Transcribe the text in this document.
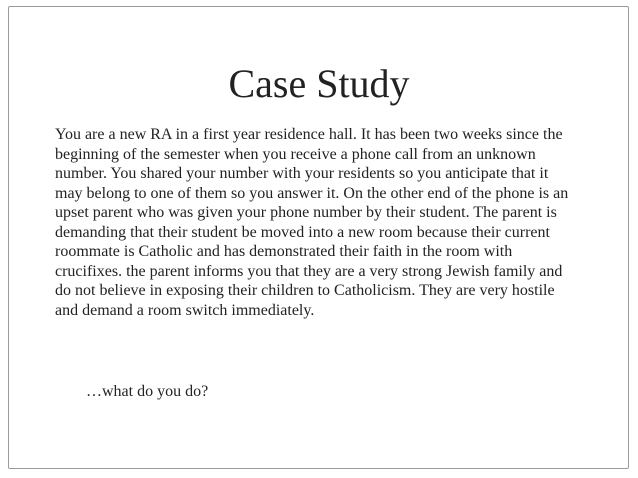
Case Study

You are a new RA in a first year residence hall. It has been two weeks since the beginning of the semester when you receive a phone call from an unknown number. You shared your number with your residents so you anticipate that it may belong to one of them so you answer it. On the other end of the phone is an upset parent who was given your phone number by their student. The parent is demanding that their student be moved into a new room because their current roommate is Catholic and has demonstrated their faith in the room with crucifixes. the parent informs you that they are a very strong Jewish family and do not believe in exposing their children to Catholicism. They are very hostile and demand a room switch immediately.

…what do you do?
